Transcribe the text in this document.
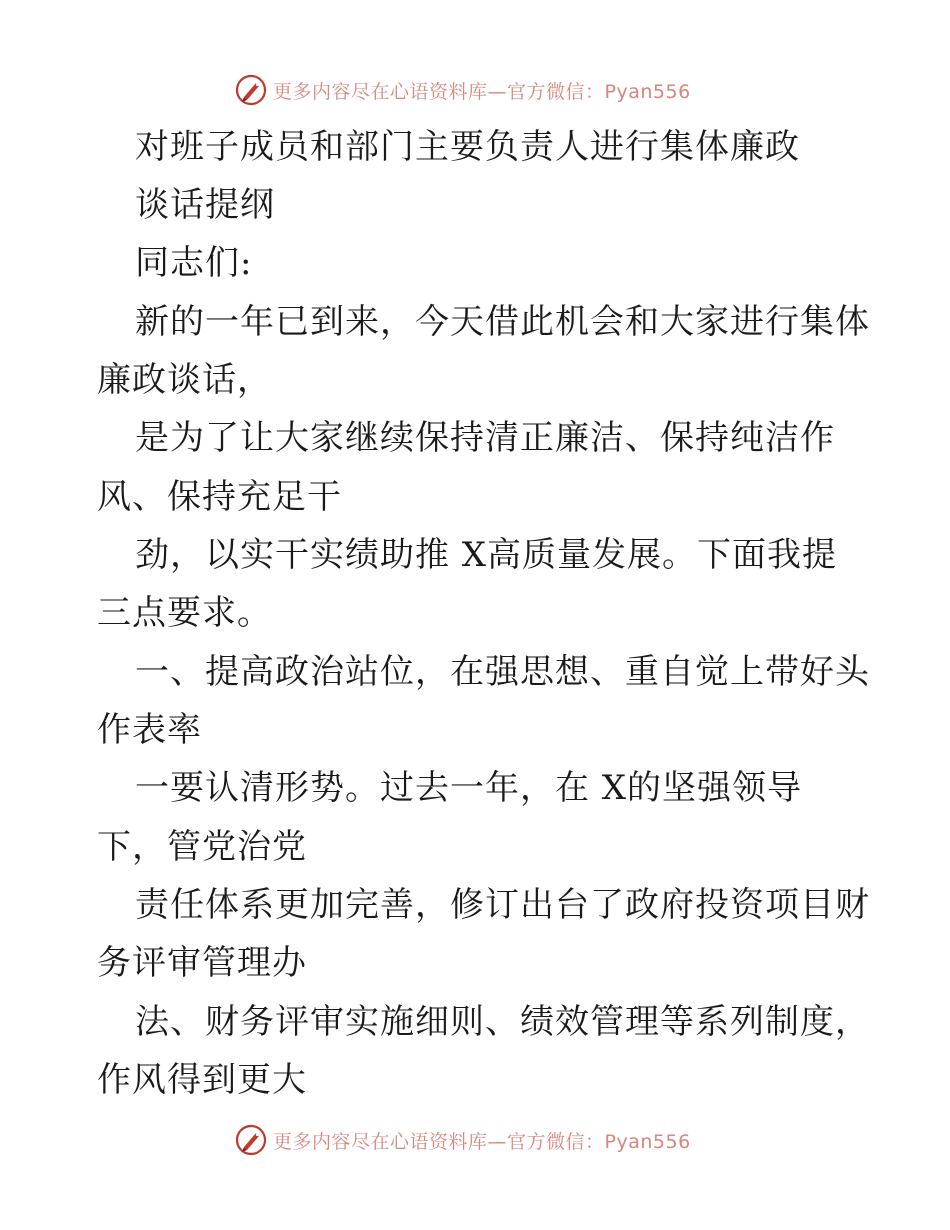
更多内容尽在心语资料库—官方微信：Pyan556
对班子成员和部门主要负责人进行集体廉政
谈话提纲
同志们:
新的一年已到来，今天借此机会和大家进行集体
廉政谈话，
是为了让大家继续保持清正廉洁、保持纯洁作
风、保持充足干
劲，以实干实绩助推 X高质量发展。下面我提
三点要求。
一、提高政治站位，在强思想、重自觉上带好头
作表率
一要认清形势。过去一年，在 X的坚强领导
下，管党治党
责任体系更加完善，修订出台了政府投资项目财
务评审管理办
法、财务评审实施细则、绩效管理等系列制度，
作风得到更大
更多内容尽在心语资料库—官方微信：Pyan556
